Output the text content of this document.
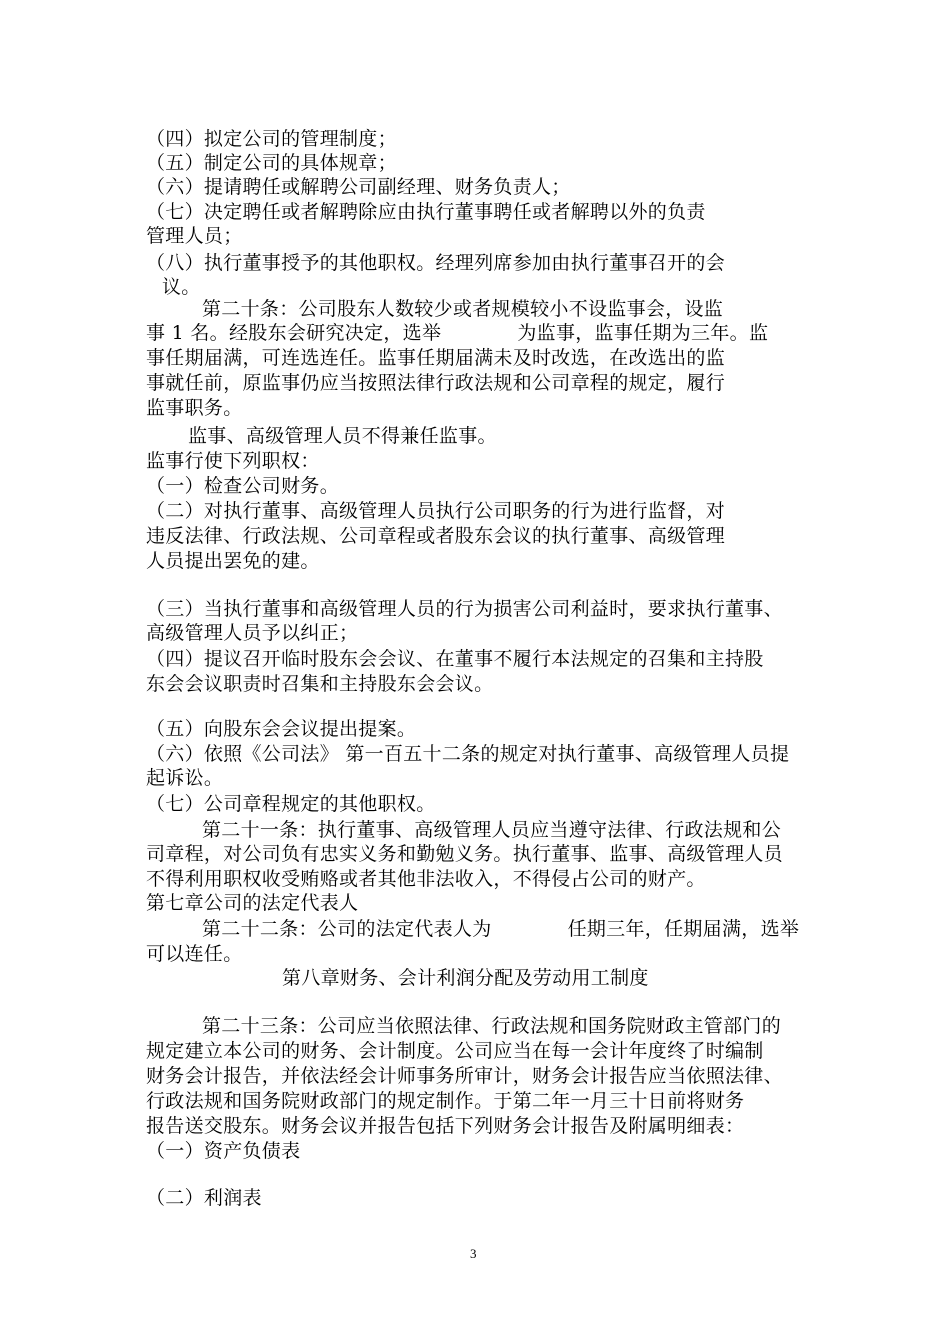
（四）拟定公司的管理制度；
（五）制定公司的具体规章；
（六）提请聘任或解聘公司副经理、财务负责人；
（七）决定聘任或者解聘除应由执行董事聘任或者解聘以外的负责
管理人员；
（八）执行董事授予的其他职权。经理列席参加由执行董事召开的会
议。
第二十条：公司股东人数较少或者规模较小不设监事会，设监
事 1 名。经股东会研究决定，选举            为监事，监事任期为三年。监
事任期届满，可连选连任。监事任期届满未及时改选，在改选出的监
事就任前，原监事仍应当按照法律行政法规和公司章程的规定，履行
监事职务。
监事、高级管理人员不得兼任监事。
监事行使下列职权：
（一）检查公司财务。
（二）对执行董事、高级管理人员执行公司职务的行为进行监督，对
违反法律、行政法规、公司章程或者股东会议的执行董事、高级管理
人员提出罢免的建。
（三）当执行董事和高级管理人员的行为损害公司利益时，要求执行董事、
高级管理人员予以纠正；
（四）提议召开临时股东会会议、在董事不履行本法规定的召集和主持股
东会会议职责时召集和主持股东会会议。
（五）向股东会会议提出提案。
（六）依照《公司法》 第一百五十二条的规定对执行董事、高级管理人员提
起诉讼。
（七）公司章程规定的其他职权。
第二十一条：执行董事、高级管理人员应当遵守法律、行政法规和公
司章程，对公司负有忠实义务和勤勉义务。执行董事、监事、高级管理人员
不得利用职权收受贿赂或者其他非法收入，不得侵占公司的财产。
第七章公司的法定代表人
第二十二条：公司的法定代表人为            任期三年，任期届满，选举
可以连任。
第八章财务、会计利润分配及劳动用工制度
第二十三条：公司应当依照法律、行政法规和国务院财政主管部门的
规定建立本公司的财务、会计制度。公司应当在每一会计年度终了时编制
财务会计报告，并依法经会计师事务所审计，财务会计报告应当依照法律、
行政法规和国务院财政部门的规定制作。于第二年一月三十日前将财务
报告送交股东。财务会议并报告包括下列财务会计报告及附属明细表：
（一）资产负债表
（二）利润表
3
